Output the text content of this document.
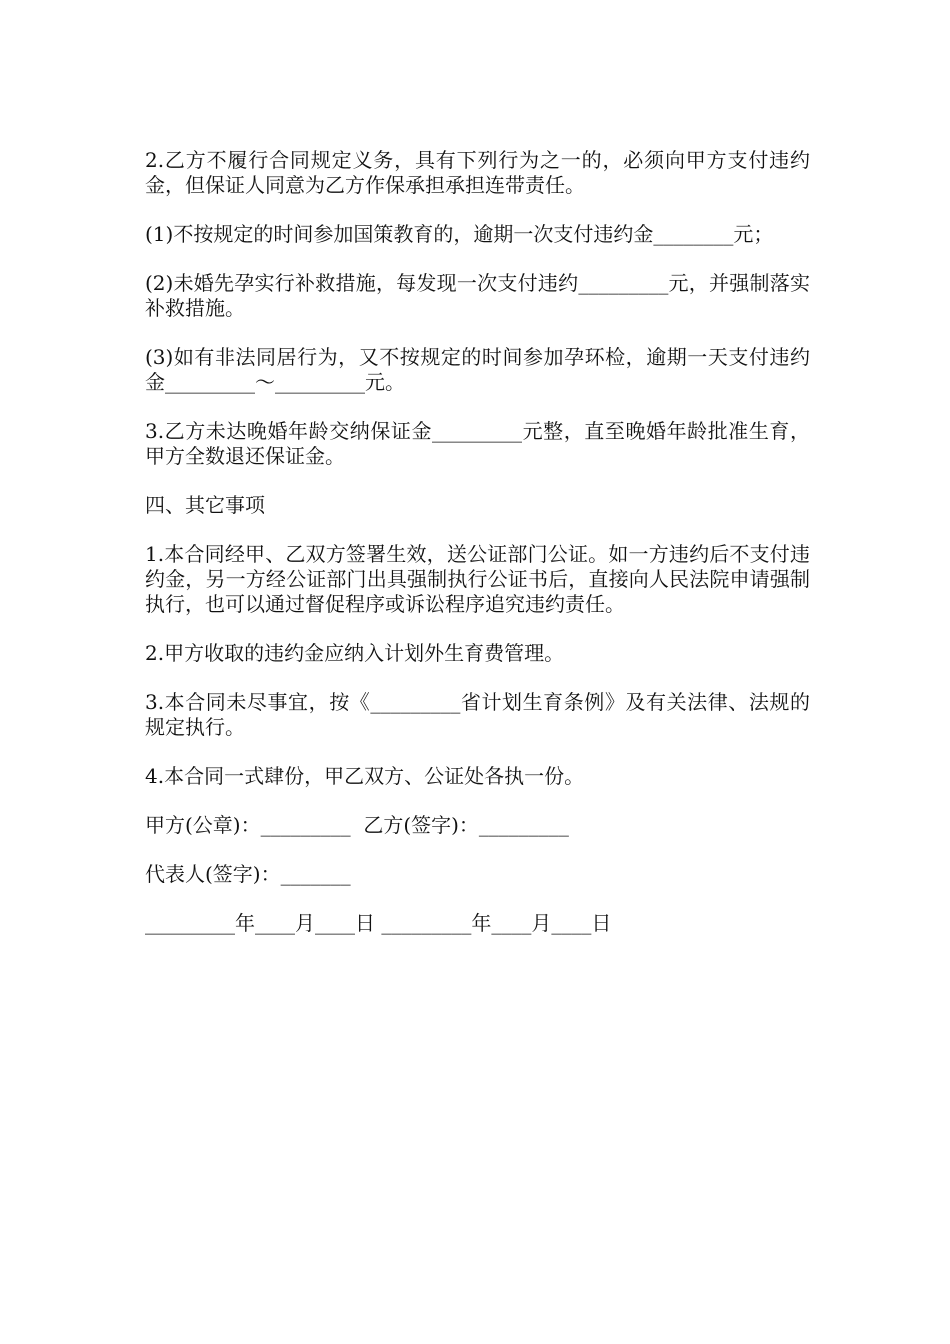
2.乙方不履行合同规定义务，具有下列行为之一的，必须向甲方支付违约金，但保证人同意为乙方作保承担承担连带责任。

(1)不按规定的时间参加国策教育的，逾期一次支付违约金________元；

(2)未婚先孕实行补救措施，每发现一次支付违约_________元，并强制落实补救措施。

(3)如有非法同居行为，又不按规定的时间参加孕环检，逾期一天支付违约金_________～_________元。

3.乙方未达晚婚年龄交纳保证金_________元整，直至晚婚年龄批准生育，甲方全数退还保证金。

四、其它事项

1.本合同经甲、乙双方签署生效，送公证部门公证。如一方违约后不支付违约金，另一方经公证部门出具强制执行公证书后，直接向人民法院申请强制执行，也可以通过督促程序或诉讼程序追究违约责任。

2.甲方收取的违约金应纳入计划外生育费管理。

3.本合同未尽事宜，按《_________省计划生育条例》及有关法律、法规的规定执行。

4.本合同一式肆份，甲乙双方、公证处各执一份。

甲方(公章)：_________  乙方(签字)：_________

代表人(签字)：_______

_________年____月____日 _________年____月____日
